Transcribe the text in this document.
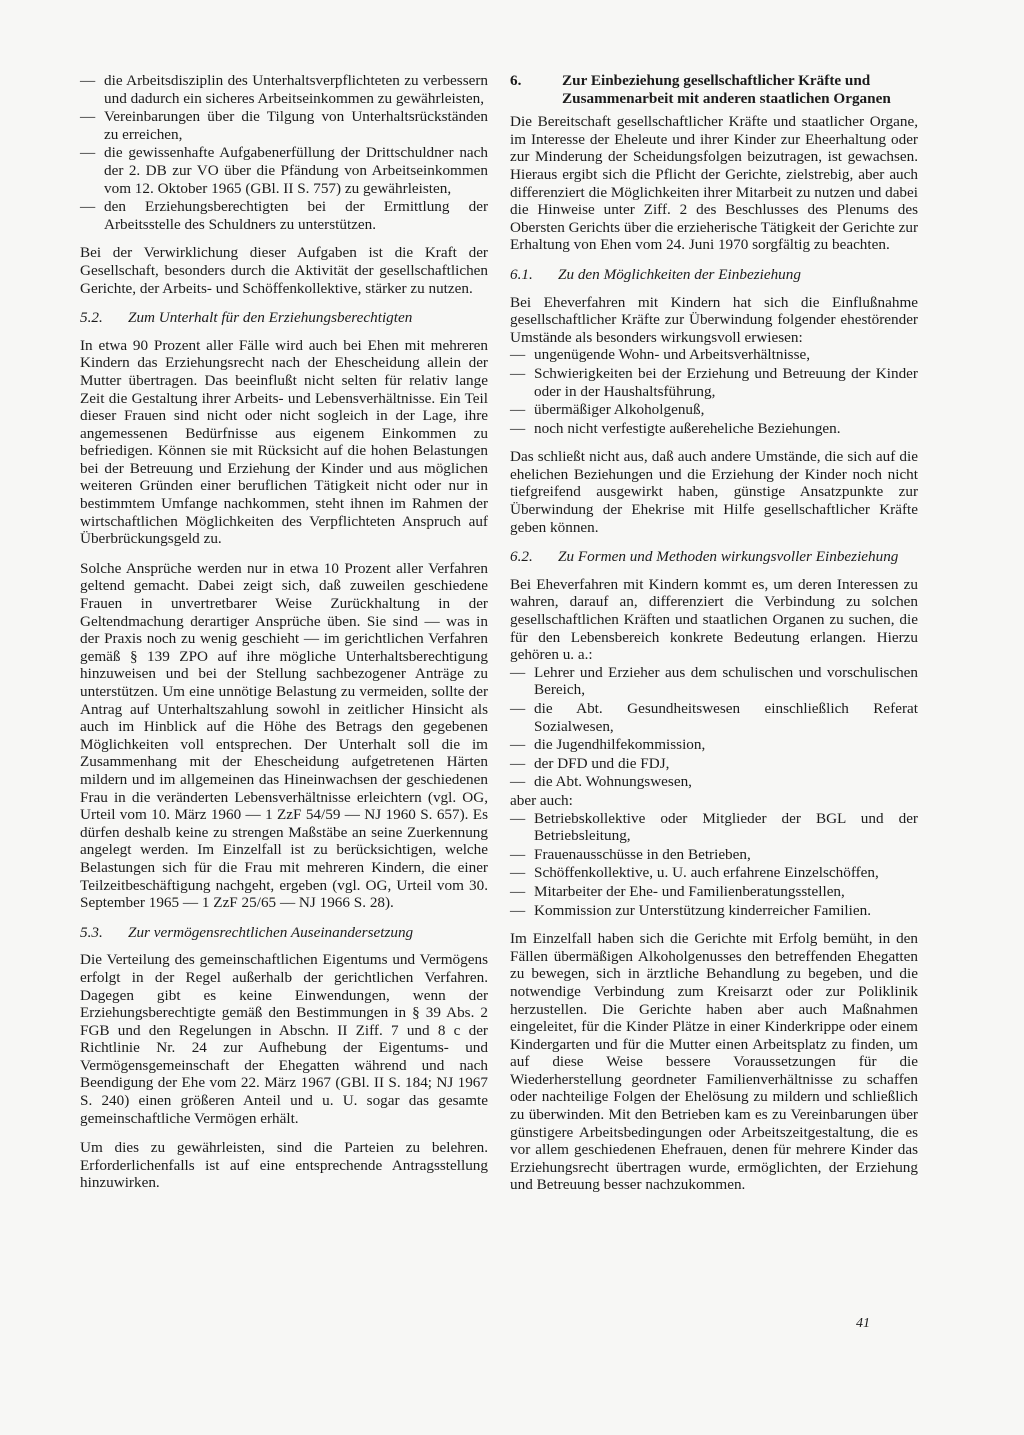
— die Arbeitsdisziplin des Unterhaltsverpflichteten zu verbessern und dadurch ein sicheres Arbeitseinkommen zu gewährleisten,
— Vereinbarungen über die Tilgung von Unterhaltsrückständen zu erreichen,
— die gewissenhafte Aufgabenerfüllung der Drittschuldner nach der 2. DB zur VO über die Pfändung von Arbeitseinkommen vom 12. Oktober 1965 (GBl. II S. 757) zu gewährleisten,
— den Erziehungsberechtigten bei der Ermittlung der Arbeitsstelle des Schuldners zu unterstützen.

Bei der Verwirklichung dieser Aufgaben ist die Kraft der Gesellschaft, besonders durch die Aktivität der gesellschaftlichen Gerichte, der Arbeits- und Schöffenkollektive, stärker zu nutzen.

5.2.	Zum Unterhalt für den Erziehungsberechtigten

In etwa 90 Prozent aller Fälle wird auch bei Ehen mit mehreren Kindern das Erziehungsrecht nach der Ehescheidung allein der Mutter übertragen. Das beeinflußt nicht selten für relativ lange Zeit die Gestaltung ihrer Arbeits- und Lebensverhältnisse. Ein Teil dieser Frauen sind nicht oder nicht sogleich in der Lage, ihre angemessenen Bedürfnisse aus eigenem Einkommen zu befriedigen. Können sie mit Rücksicht auf die hohen Belastungen bei der Betreuung und Erziehung der Kinder und aus möglichen weiteren Gründen einer beruflichen Tätigkeit nicht oder nur in bestimmtem Umfange nachkommen, steht ihnen im Rahmen der wirtschaftlichen Möglichkeiten des Verpflichteten Anspruch auf Überbrückungsgeld zu.

Solche Ansprüche werden nur in etwa 10 Prozent aller Verfahren geltend gemacht. Dabei zeigt sich, daß zuweilen geschiedene Frauen in unvertretbarer Weise Zurückhaltung in der Geltendmachung derartiger Ansprüche üben. Sie sind — was in der Praxis noch zu wenig geschieht — im gerichtlichen Verfahren gemäß § 139 ZPO auf ihre mögliche Unterhaltsberechtigung hinzuweisen und bei der Stellung sachbezogener Anträge zu unterstützen. Um eine unnötige Belastung zu vermeiden, sollte der Antrag auf Unterhaltszahlung sowohl in zeitlicher Hinsicht als auch im Hinblick auf die Höhe des Betrags den gegebenen Möglichkeiten voll entsprechen. Der Unterhalt soll die im Zusammenhang mit der Ehescheidung aufgetretenen Härten mildern und im allgemeinen das Hineinwachsen der geschiedenen Frau in die veränderten Lebensverhältnisse erleichtern (vgl. OG, Urteil vom 10. März 1960 — 1 ZzF 54/59 — NJ 1960 S. 657). Es dürfen deshalb keine zu strengen Maßstäbe an seine Zuerkennung angelegt werden. Im Einzelfall ist zu berücksichtigen, welche Belastungen sich für die Frau mit mehreren Kindern, die einer Teilzeitbeschäftigung nachgeht, ergeben (vgl. OG, Urteil vom 30. September 1965 — 1 ZzF 25/65 — NJ 1966 S. 28).

5.3.	Zur vermögensrechtlichen Auseinandersetzung

Die Verteilung des gemeinschaftlichen Eigentums und Vermögens erfolgt in der Regel außerhalb der gerichtlichen Verfahren. Dagegen gibt es keine Einwendungen, wenn der Erziehungsberechtigte gemäß den Bestimmungen in § 39 Abs. 2 FGB und den Regelungen in Abschn. II Ziff. 7 und 8 c der Richtlinie Nr. 24 zur Aufhebung der Eigentums- und Vermögensgemeinschaft der Ehegatten während und nach Beendigung der Ehe vom 22. März 1967 (GBl. II S. 184; NJ 1967 S. 240) einen größeren Anteil und u. U. sogar das gesamte gemeinschaftliche Vermögen erhält.

Um dies zu gewährleisten, sind die Parteien zu belehren. Erforderlichenfalls ist auf eine entsprechende Antragsstellung hinzuwirken.

6.	Zur Einbeziehung gesellschaftlicher Kräfte und Zusammenarbeit mit anderen staatlichen Organen

Die Bereitschaft gesellschaftlicher Kräfte und staatlicher Organe, im Interesse der Eheleute und ihrer Kinder zur Eheerhaltung oder zur Minderung der Scheidungsfolgen beizutragen, ist gewachsen. Hieraus ergibt sich die Pflicht der Gerichte, zielstrebig, aber auch differenziert die Möglichkeiten ihrer Mitarbeit zu nutzen und dabei die Hinweise unter Ziff. 2 des Beschlusses des Plenums des Obersten Gerichts über die erzieherische Tätigkeit der Gerichte zur Erhaltung von Ehen vom 24. Juni 1970 sorgfältig zu beachten.

6.1.	Zu den Möglichkeiten der Einbeziehung

Bei Eheverfahren mit Kindern hat sich die Einflußnahme gesellschaftlicher Kräfte zur Überwindung folgender ehestörender Umstände als besonders wirkungsvoll erwiesen:

— ungenügende Wohn- und Arbeitsverhältnisse,
— Schwierigkeiten bei der Erziehung und Betreuung der Kinder oder in der Haushaltsführung,
— übermäßiger Alkoholgenuß,
— noch nicht verfestigte außereheliche Beziehungen.

Das schließt nicht aus, daß auch andere Umstände, die sich auf die ehelichen Beziehungen und die Erziehung der Kinder noch nicht tiefgreifend ausgewirkt haben, günstige Ansatzpunkte zur Überwindung der Ehekrise mit Hilfe gesellschaftlicher Kräfte geben können.

6.2.	Zu Formen und Methoden wirkungsvoller Einbeziehung

Bei Eheverfahren mit Kindern kommt es, um deren Interessen zu wahren, darauf an, differenziert die Verbindung zu solchen gesellschaftlichen Kräften und staatlichen Organen zu suchen, die für den Lebensbereich konkrete Bedeutung erlangen. Hierzu gehören u. a.:

— Lehrer und Erzieher aus dem schulischen und vorschulischen Bereich,
— die Abt. Gesundheitswesen einschließlich Referat Sozialwesen,
— die Jugendhilfekommission,
— der DFD und die FDJ,
— die Abt. Wohnungswesen,
aber auch:
— Betriebskollektive oder Mitglieder der BGL und der Betriebsleitung,
— Frauenausschüsse in den Betrieben,
— Schöffenkollektive, u. U. auch erfahrene Einzelschöffen,
— Mitarbeiter der Ehe- und Familienberatungsstellen,
— Kommission zur Unterstützung kinderreicher Familien.

Im Einzelfall haben sich die Gerichte mit Erfolg bemüht, in den Fällen übermäßigen Alkoholgenusses den betreffenden Ehegatten zu bewegen, sich in ärztliche Behandlung zu begeben, und die notwendige Verbindung zum Kreisarzt oder zur Poliklinik herzustellen. Die Gerichte haben aber auch Maßnahmen eingeleitet, für die Kinder Plätze in einer Kinderkrippe oder einem Kindergarten und für die Mutter einen Arbeitsplatz zu finden, um auf diese Weise bessere Voraussetzungen für die Wiederherstellung geordneter Familienverhältnisse zu schaffen oder nachteilige Folgen der Ehelösung zu mildern und schließlich zu überwinden. Mit den Betrieben kam es zu Vereinbarungen über günstigere Arbeitsbedingungen oder Arbeitszeitgestaltung, die es vor allem geschiedenen Ehefrauen, denen für mehrere Kinder das Erziehungsrecht übertragen wurde, ermöglichten, der Erziehung und Betreuung besser nachzukommen.

41
